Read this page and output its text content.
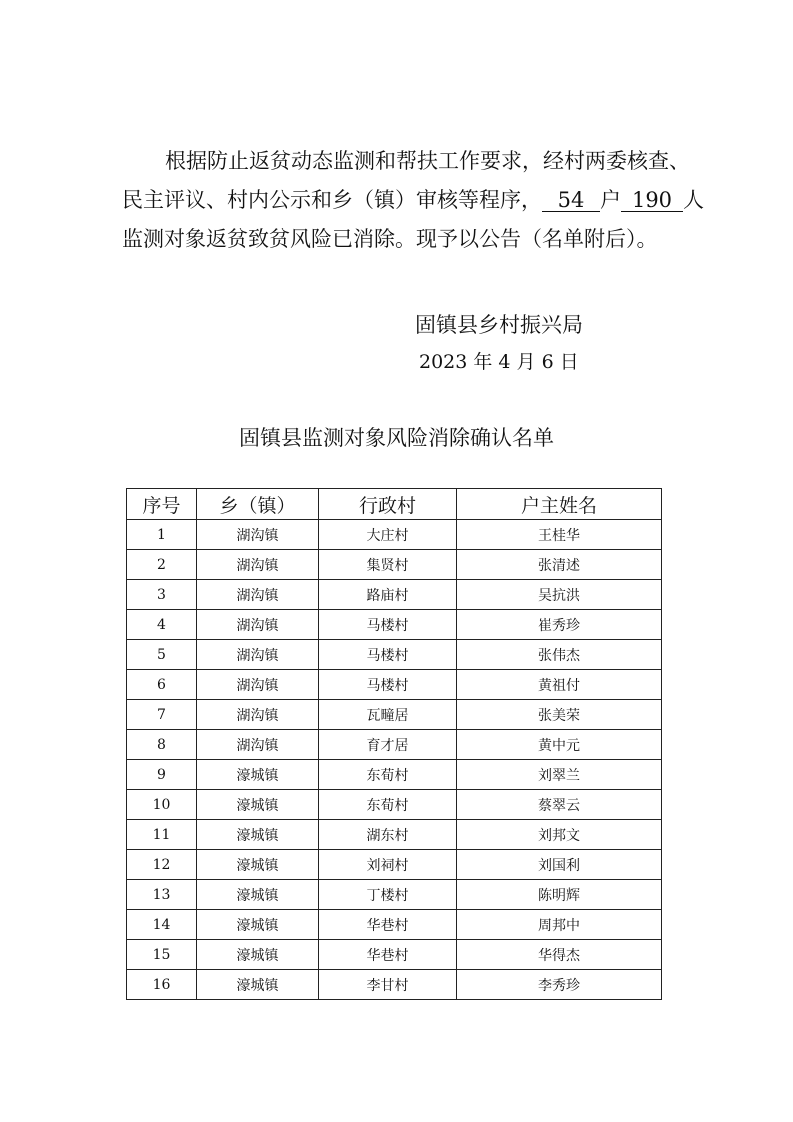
根据防止返贫动态监测和帮扶工作要求，经村两委核查、
民主评议、村内公示和乡（镇）审核等程序， 54 户 190 人
监测对象返贫致贫风险已消除。现予以公告（名单附后）。
固镇县乡村振兴局
2023 年 4 月 6 日
固镇县监测对象风险消除确认名单
序号	乡（镇）	行政村	户主姓名
1	湖沟镇	大庄村	王桂华
2	湖沟镇	集贤村	张清述
3	湖沟镇	路庙村	吴抗洪
4	湖沟镇	马楼村	崔秀珍
5	湖沟镇	马楼村	张伟杰
6	湖沟镇	马楼村	黄祖付
7	湖沟镇	瓦疃居	张美荣
8	湖沟镇	育才居	黄中元
9	濠城镇	东荀村	刘翠兰
10	濠城镇	东荀村	蔡翠云
11	濠城镇	湖东村	刘邦文
12	濠城镇	刘祠村	刘国利
13	濠城镇	丁楼村	陈明辉
14	濠城镇	华巷村	周邦中
15	濠城镇	华巷村	华得杰
16	濠城镇	李甘村	李秀珍
